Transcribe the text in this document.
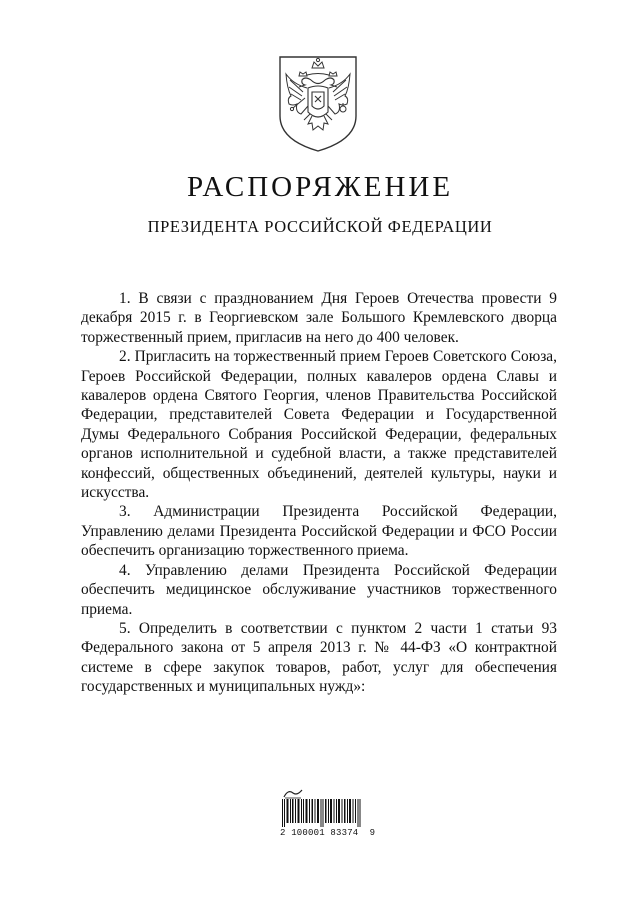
РАСПОРЯЖЕНИЕ
ПРЕЗИДЕНТА РОССИЙСКОЙ ФЕДЕРАЦИИ

1. В связи с празднованием Дня Героев Отечества провести 9 декабря 2015 г. в Георгиевском зале Большого Кремлевского дворца торжественный прием, пригласив на него до 400 человек.

2. Пригласить на торжественный прием Героев Советского Союза, Героев Российской Федерации, полных кавалеров ордена Славы и кавалеров ордена Святого Георгия, членов Правительства Российской Федерации, представителей Совета Федерации и Государственной Думы Федерального Собрания Российской Федерации, федеральных органов исполнительной и судебной власти, а также представителей конфессий, общественных объединений, деятелей культуры, науки и искусства.

3. Администрации Президента Российской Федерации, Управлению делами Президента Российской Федерации и ФСО России обеспечить организацию торжественного приема.

4. Управлению делами Президента Российской Федерации обеспечить медицинское обслуживание участников торжественного приема.

5. Определить в соответствии с пунктом 2 части 1 статьи 93 Федерального закона от 5 апреля 2013 г. № 44-ФЗ «О контрактной системе в сфере закупок товаров, работ, услуг для обеспечения государственных и муниципальных нужд»:

2 100001 83374  9
